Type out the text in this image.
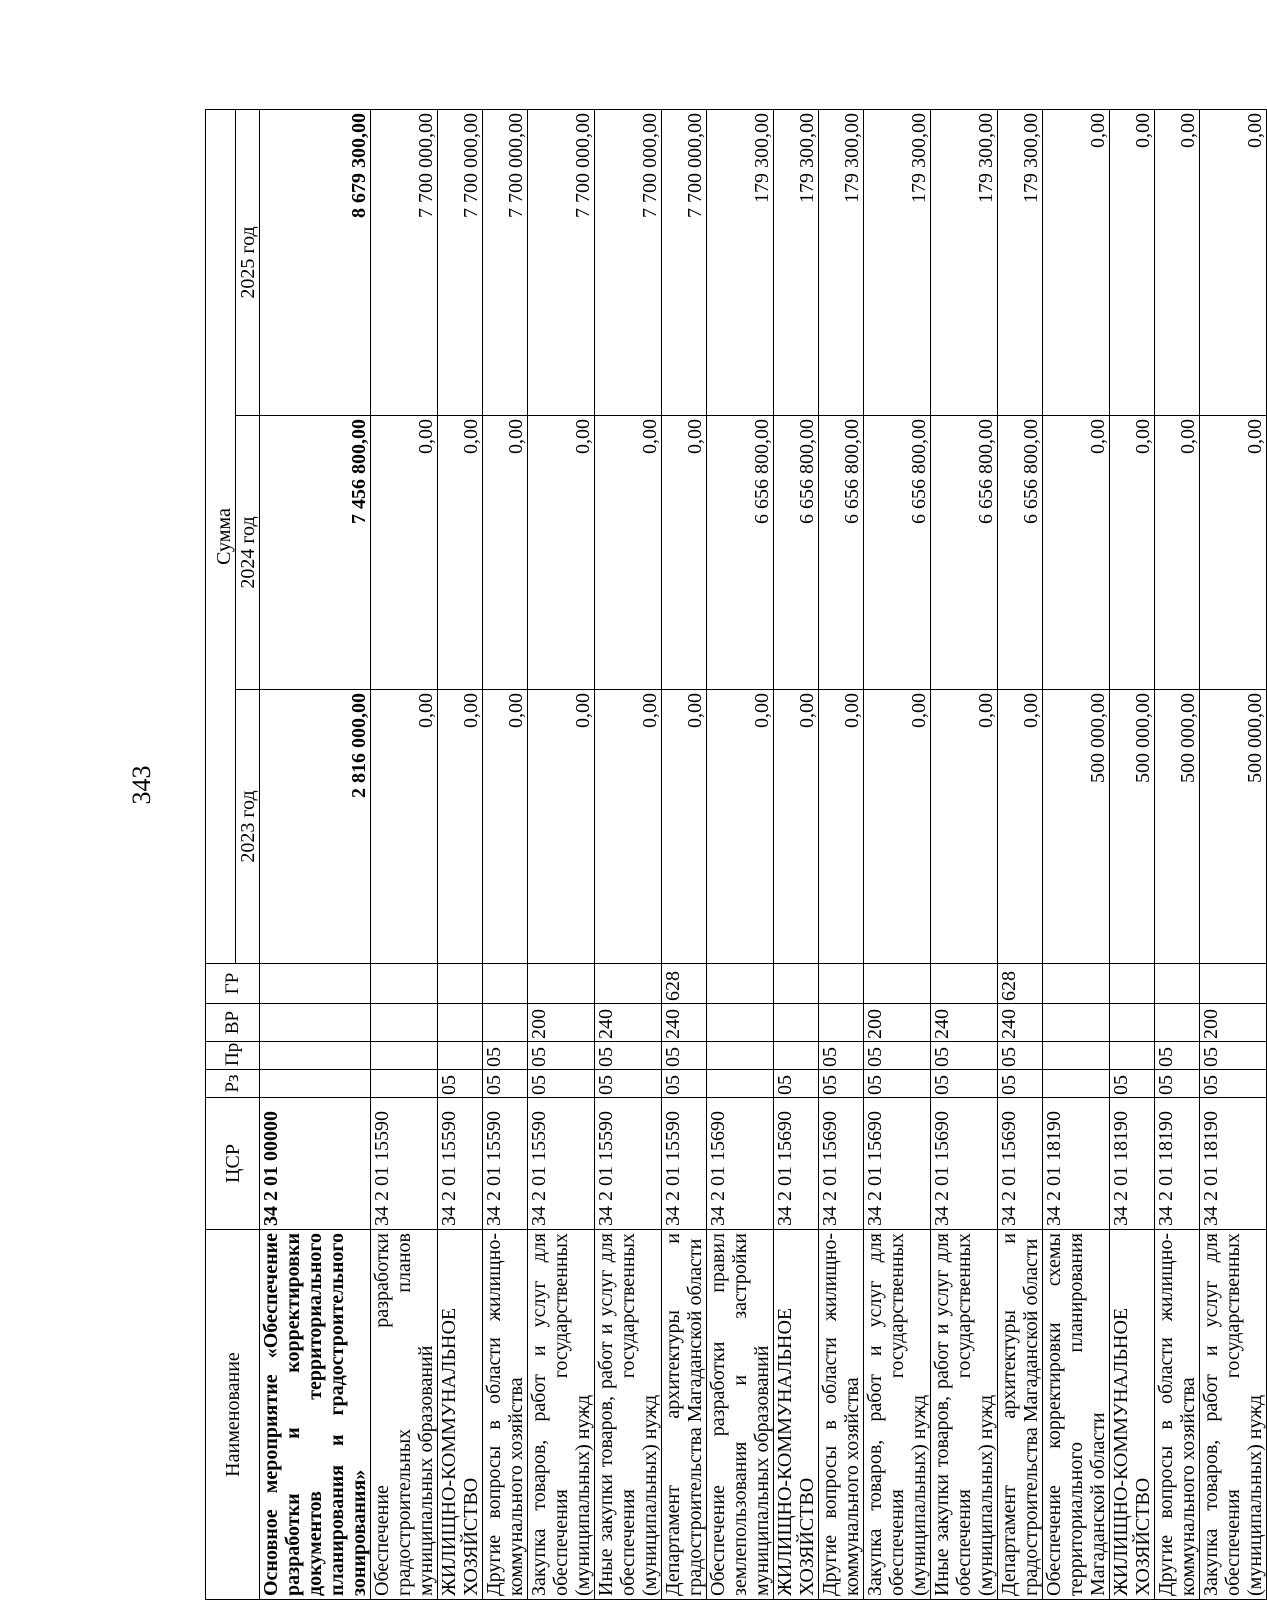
343
Наименование	ЦСР	Рз	Пр	ВР	ГР	Сумма		
						2023 год	2024 год	2025 год
Основное мероприятие «Обеспечение разработки и корректировки документов территориального планирования и градостроительного зонирования»	34 2 01 00000					2 816 000,00	7 456 800,00	8 679 300,00
Обеспечение разработки градостроительных планов муниципальных образований	34 2 01 15590					0,00	0,00	7 700 000,00
ЖИЛИЩНО-КОММУНАЛЬНОЕ ХОЗЯЙСТВО	34 2 01 15590	05				0,00	0,00	7 700 000,00
Другие вопросы в области жилищно-коммунального хозяйства	34 2 01 15590	05	05			0,00	0,00	7 700 000,00
Закупка товаров, работ и услуг для обеспечения государственных (муниципальных) нужд	34 2 01 15590	05	05	200		0,00	0,00	7 700 000,00
Иные закупки товаров, работ и услуг для обеспечения государственных (муниципальных) нужд	34 2 01 15590	05	05	240		0,00	0,00	7 700 000,00
Департамент архитектуры и градостроительства Магаданской области	34 2 01 15590	05	05	240	628	0,00	0,00	7 700 000,00
Обеспечение разработки правил землепользования и застройки муниципальных образований	34 2 01 15690					0,00	6 656 800,00	179 300,00
ЖИЛИЩНО-КОММУНАЛЬНОЕ ХОЗЯЙСТВО	34 2 01 15690	05				0,00	6 656 800,00	179 300,00
Другие вопросы в области жилищно-коммунального хозяйства	34 2 01 15690	05	05			0,00	6 656 800,00	179 300,00
Закупка товаров, работ и услуг для обеспечения государственных (муниципальных) нужд	34 2 01 15690	05	05	200		0,00	6 656 800,00	179 300,00
Иные закупки товаров, работ и услуг для обеспечения государственных (муниципальных) нужд	34 2 01 15690	05	05	240		0,00	6 656 800,00	179 300,00
Департамент архитектуры и градостроительства Магаданской области	34 2 01 15690	05	05	240	628	0,00	6 656 800,00	179 300,00
Обеспечение корректировки схемы территориального планирования Магаданской области	34 2 01 18190					500 000,00	0,00	0,00
ЖИЛИЩНО-КОММУНАЛЬНОЕ ХОЗЯЙСТВО	34 2 01 18190	05				500 000,00	0,00	0,00
Другие вопросы в области жилищно-коммунального хозяйства	34 2 01 18190	05	05			500 000,00	0,00	0,00
Закупка товаров, работ и услуг для обеспечения государственных (муниципальных) нужд	34 2 01 18190	05	05	200		500 000,00	0,00	0,00
